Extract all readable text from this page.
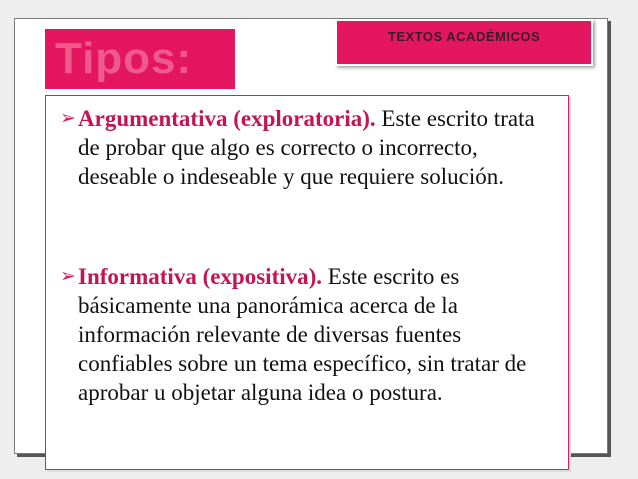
Tipos:	TEXTOS ACADÉMICOS
➢ Argumentativa (exploratoria). Este escrito trata de probar que algo es correcto o incorrecto, deseable o indeseable y que requiere solución.
➢ Informativa (expositiva). Este escrito es básicamente una panorámica acerca de la información relevante de diversas fuentes confiables sobre un tema específico, sin tratar de aprobar u objetar alguna idea o postura.
